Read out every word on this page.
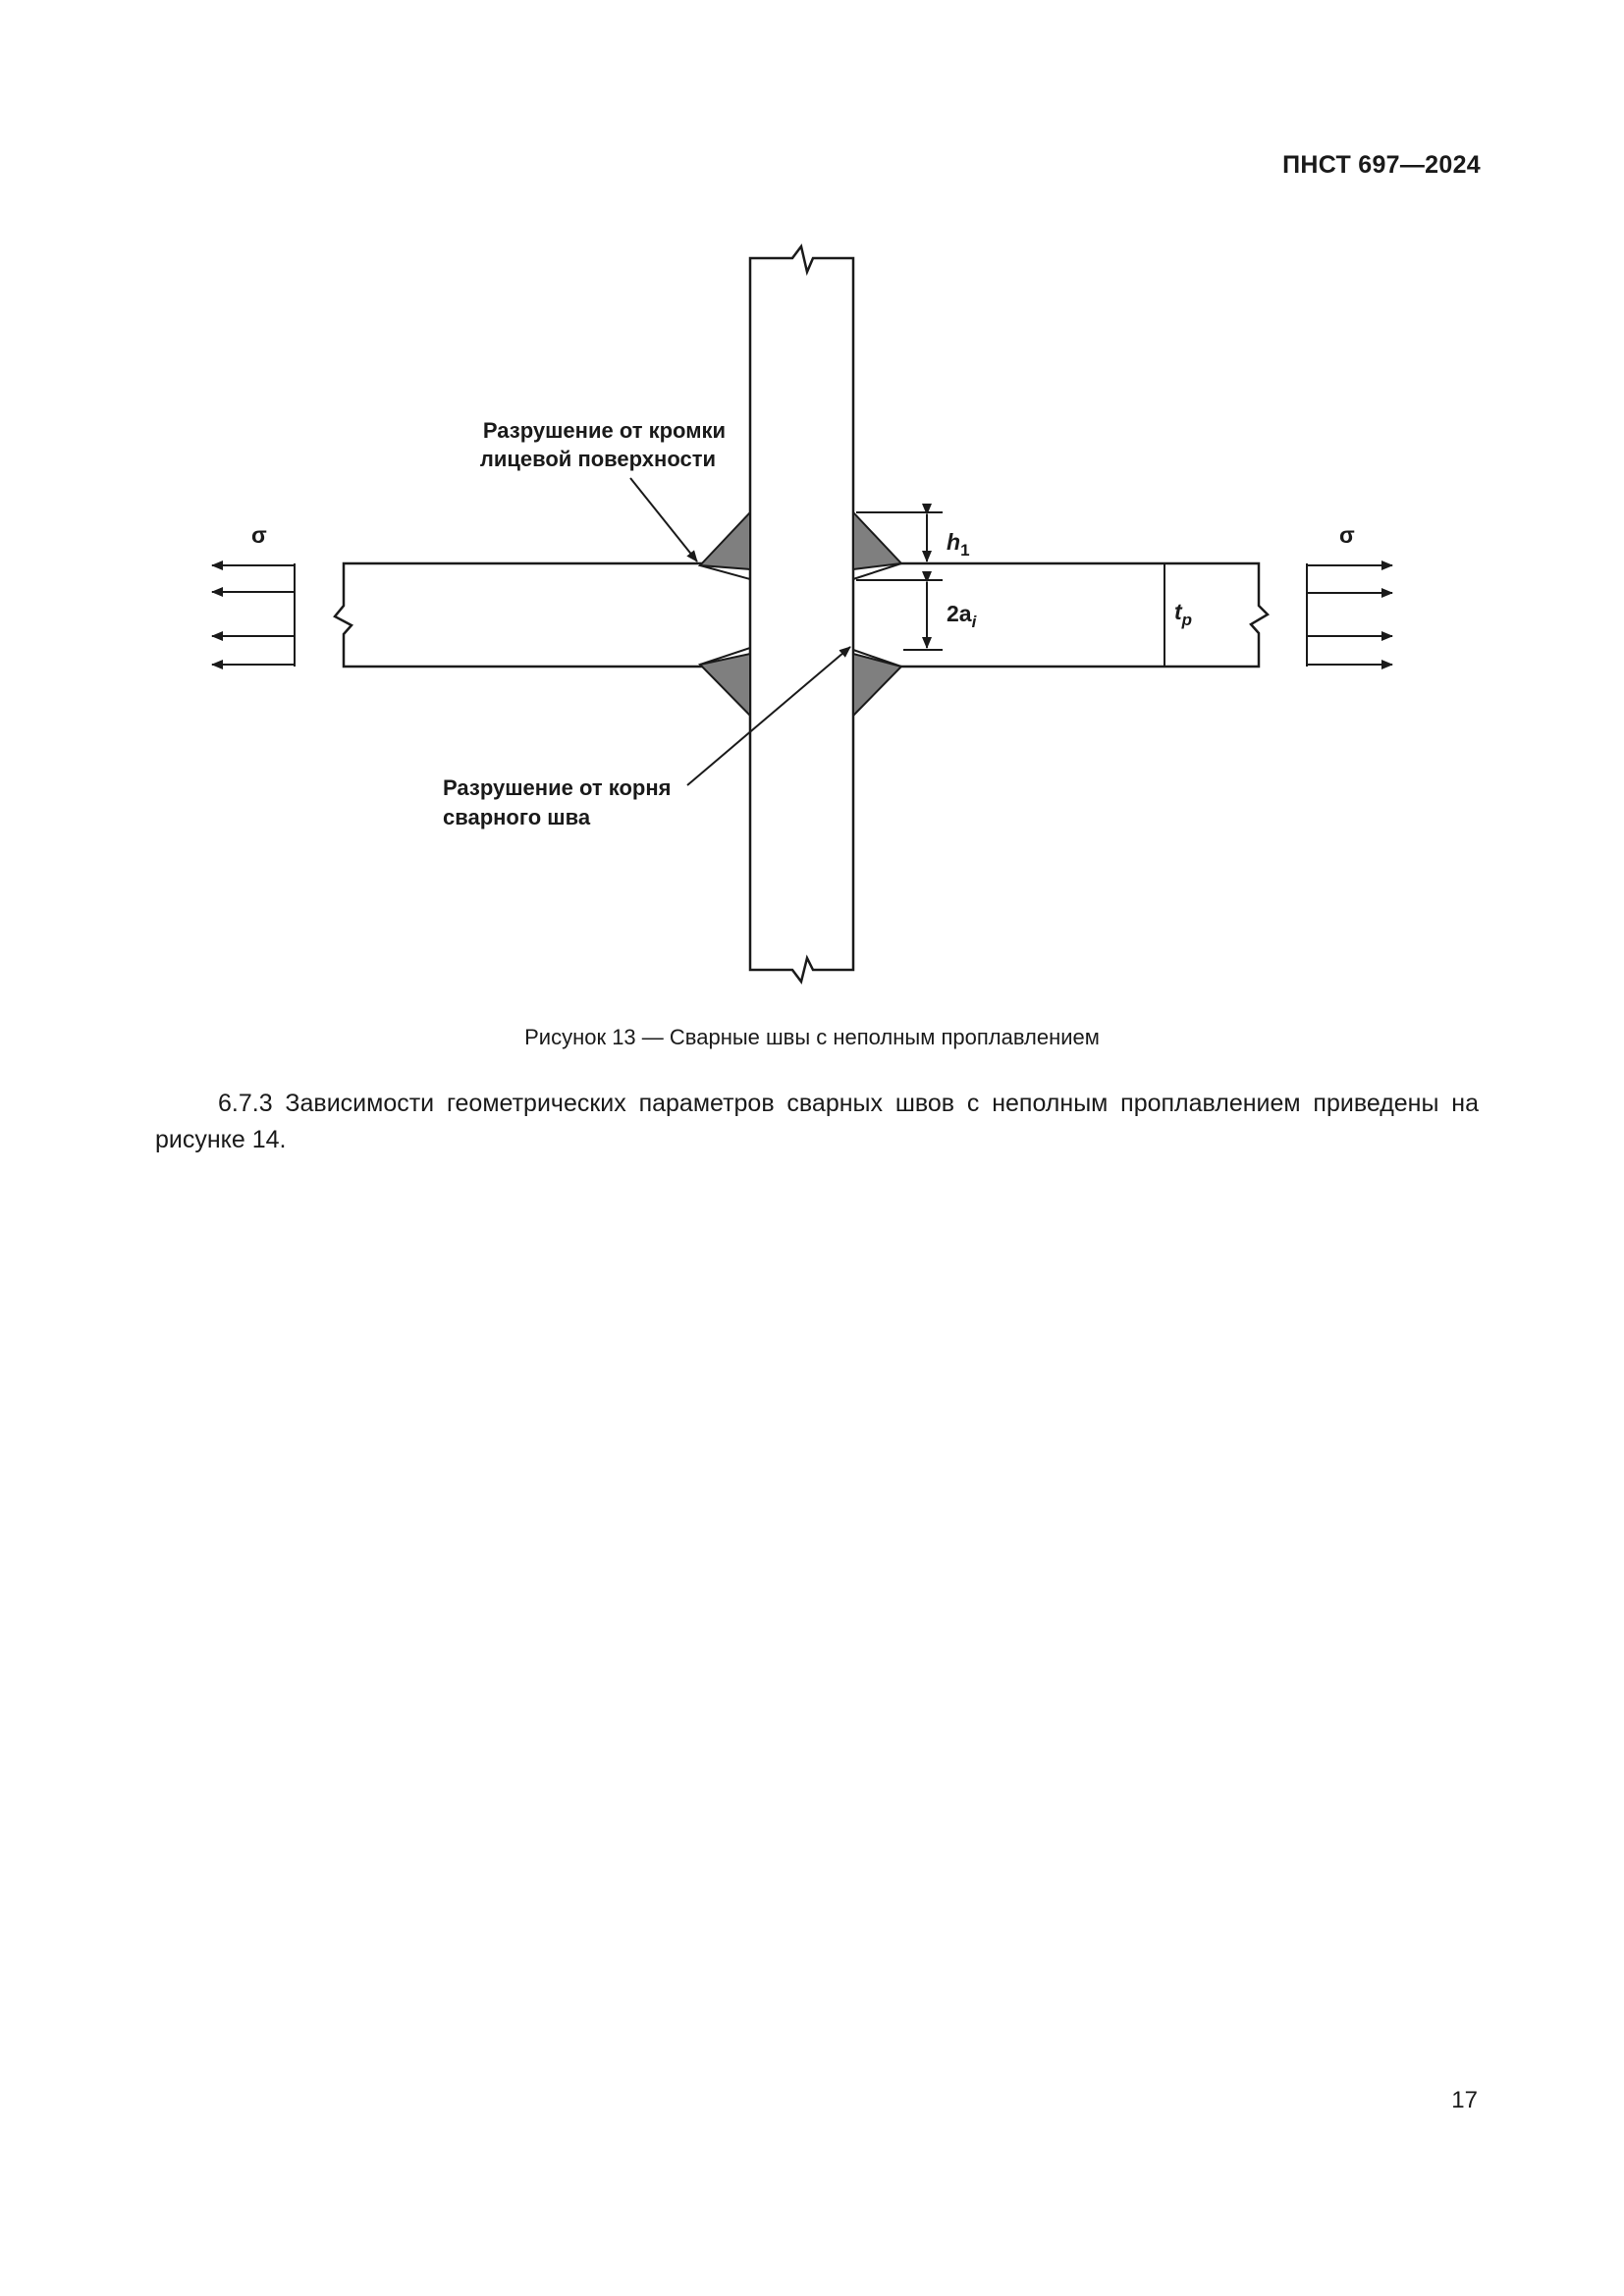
ПНСТ 697—2024
$h_1$
$2a_i$	$t_p$
σ	σ
Разрушение от кромки
лицевой поверхности
Разрушение от корня
сварного шва
Рисунок 13 — Сварные швы с неполным проплавлением
6.7.3 Зависимости геометрических параметров сварных швов с неполным проплавлением приведены на рисунке 14.
17
